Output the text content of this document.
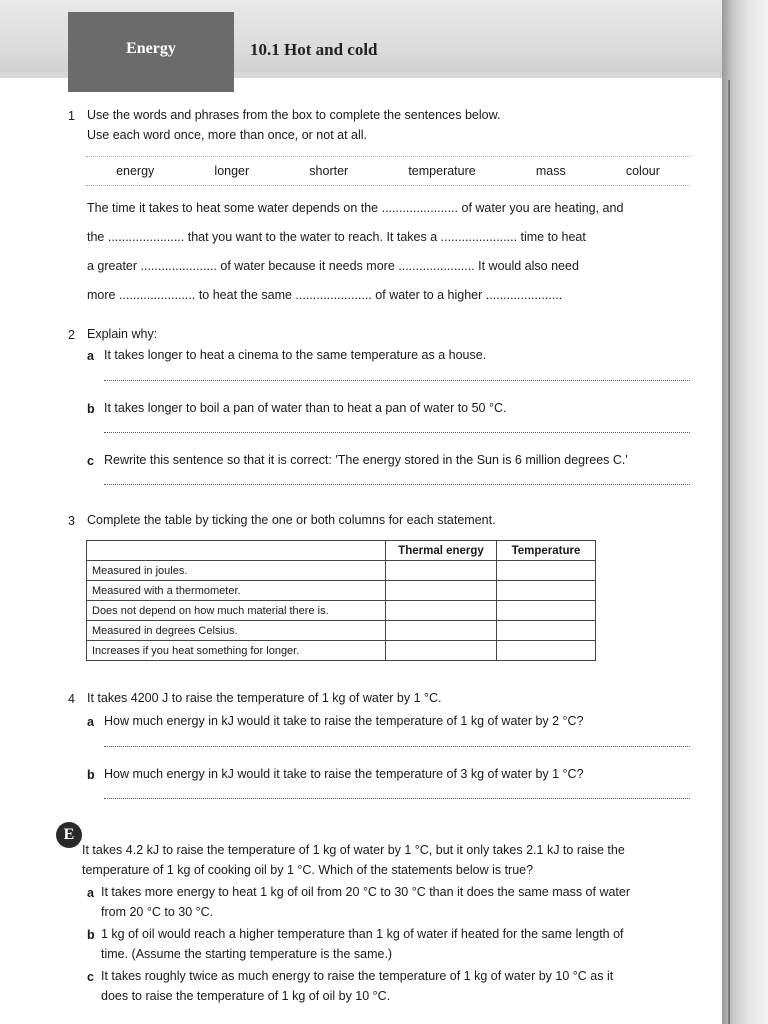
Energy	10.1 Hot and cold
1 Use the words and phrases from the box to complete the sentences below.
Use each word once, more than once, or not at all.
energy	longer	shorter	temperature	mass	colour
The time it takes to heat some water depends on the ...................... of water you are heating, and
the ...................... that you want to the water to reach. It takes a ...................... time to heat
a greater ...................... of water because it needs more ...................... It would also need
more ...................... to heat the same ...................... of water to a higher ......................
2 Explain why:
a It takes longer to heat a cinema to the same temperature as a house.
b It takes longer to boil a pan of water than to heat a pan of water to 50 °C.
c Rewrite this sentence so that it is correct: 'The energy stored in the Sun is 6 million degrees C.'
3 Complete the table by ticking the one or both columns for each statement.
	Thermal energy	Temperature
Measured in joules.		
Measured with a thermometer.		
Does not depend on how much material there is.		
Measured in degrees Celsius.		
Increases if you heat something for longer.		
4 It takes 4200 J to raise the temperature of 1 kg of water by 1 °C.
a How much energy in kJ would it take to raise the temperature of 1 kg of water by 2 °C?
b How much energy in kJ would it take to raise the temperature of 3 kg of water by 1 °C?
E
It takes 4.2 kJ to raise the temperature of 1 kg of water by 1 °C, but it only takes 2.1 kJ to raise the
temperature of 1 kg of cooking oil by 1 °C. Which of the statements below is true?
a It takes more energy to heat 1 kg of oil from 20 °C to 30 °C than it does the same mass of water
from 20 °C to 30 °C.
b 1 kg of oil would reach a higher temperature than 1 kg of water if heated for the same length of
time. (Assume the starting temperature is the same.)
c It takes roughly twice as much energy to raise the temperature of 1 kg of water by 10 °C as it
does to raise the temperature of 1 kg of oil by 10 °C.
